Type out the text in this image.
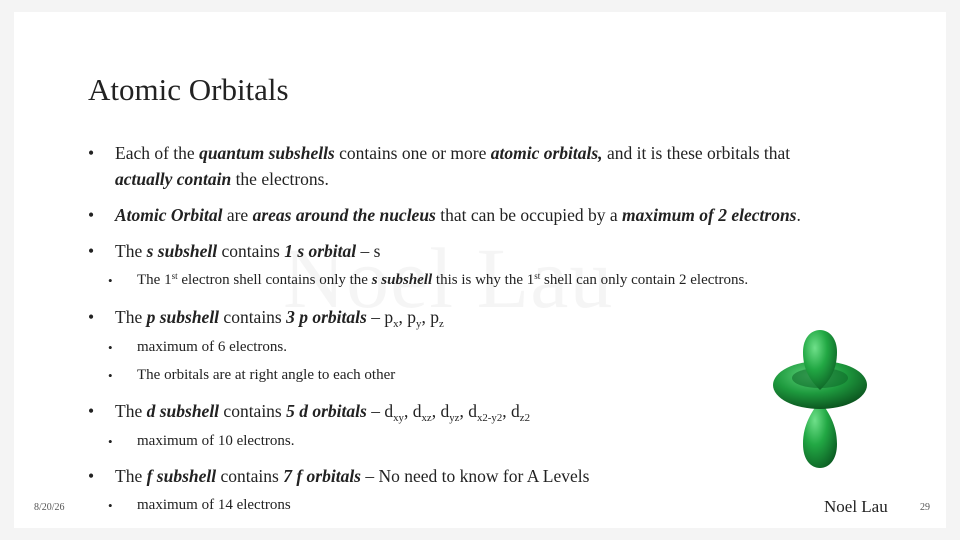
Atomic Orbitals
• Each of the quantum subshells contains one or more atomic orbitals, and it is these orbitals that
actually contain the electrons.
• Atomic Orbital are areas around the nucleus that can be occupied by a maximum of 2 electrons.
• The s subshell contains 1 s orbital – s
• The 1st electron shell contains only the s subshell this is why the 1st shell can only contain 2 electrons.
• The p subshell contains 3 p orbitals – $p_x$, $p_y$, $p_z$
• maximum of 6 electrons.
• The orbitals are at right angle to each other
• The d subshell contains 5 d orbitals – $d_{xy}$, $d_{xz}$, $d_{yz}$, $d_{x2-y2}$, $d_{z2}$
• maximum of 10 electrons.
• The f subshell contains 7 f orbitals – No need to know for A Levels
• maximum of 14 electrons
8/20/26	Noel Lau	29
